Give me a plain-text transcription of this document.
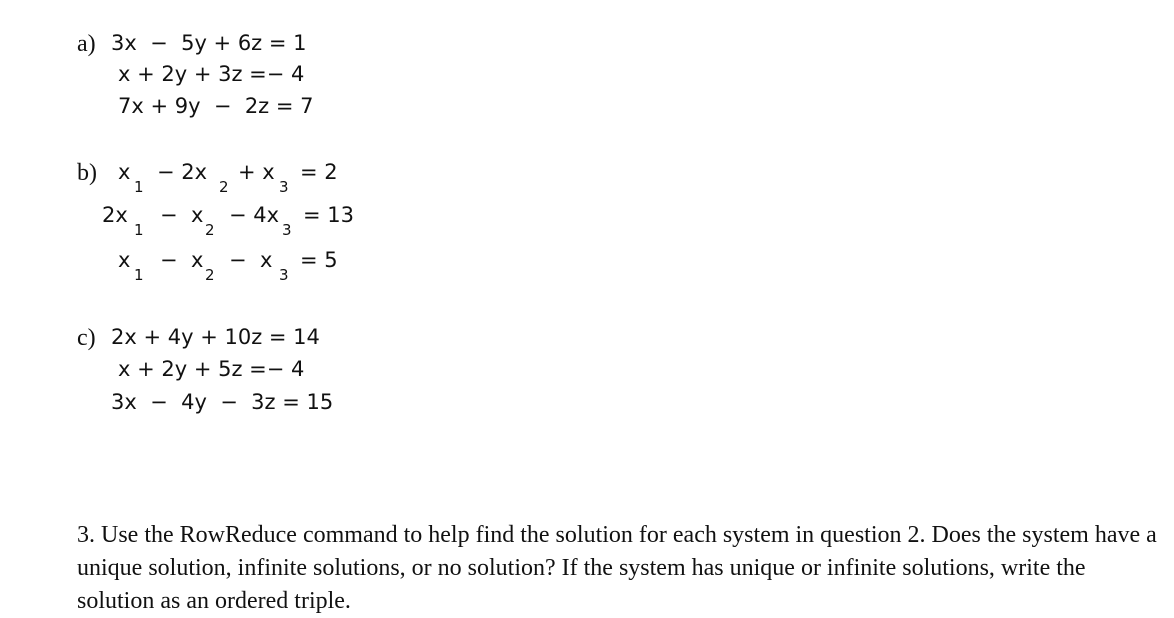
a) 3x  −  5y + 6z = 1
x + 2y + 3z =− 4
7x + 9y  −  2z = 7
b) x
1
− 2x
2
+ x
3
= 2
2x
1
−  x
2
− 4x
3
= 13
x
1
−  x
2
−  x
3
= 5
c) 2x + 4y + 10z = 14
x + 2y + 5z =− 4
3x  −  4y  −  3z = 15
3. Use the RowReduce command to help find the solution for each system in question 2. Does the system have a unique solution, infinite solutions, or no solution? If the system has unique or infinite solutions, write the solution as an ordered triple.
